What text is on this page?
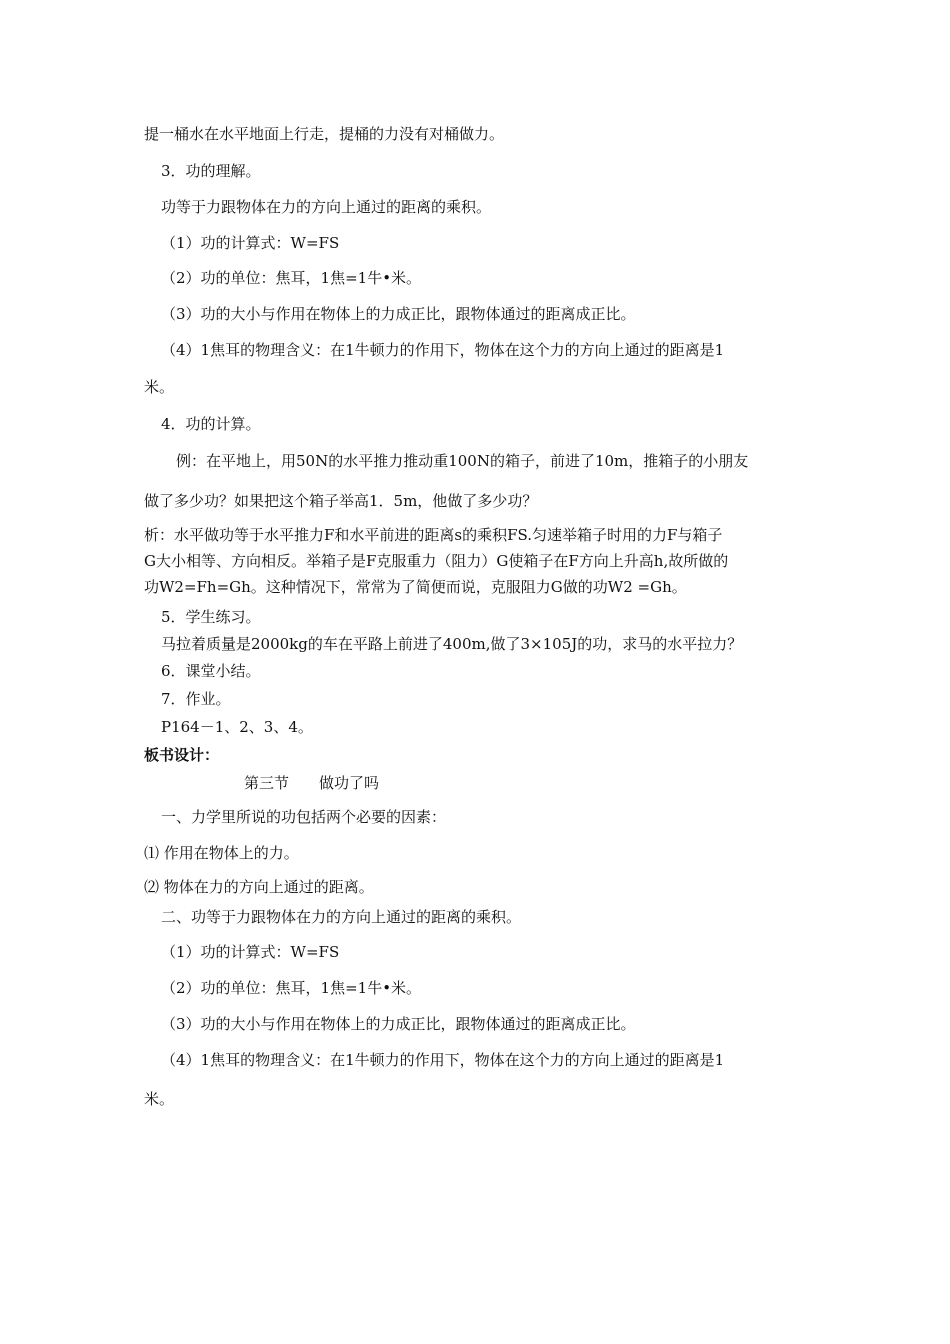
提一桶水在水平地面上行走，提桶的力没有对桶做力。

3．功的理解。

功等于力跟物体在力的方向上通过的距离的乘积。

（1）功的计算式：W=FS

（2）功的单位：焦耳，1焦=1牛•米。

（3）功的大小与作用在物体上的力成正比，跟物体通过的距离成正比。

（4）1焦耳的物理含义：在1牛顿力的作用下，物体在这个力的方向上通过的距离是1

米。

4．功的计算。

例：在平地上，用50N的水平推力推动重100N的箱子，前进了10m，推箱子的小朋友

做了多少功？如果把这个箱子举高1．5m，他做了多少功？

析：水平做功等于水平推力F和水平前进的距离s的乘积FS.匀速举箱子时用的力F与箱子

G大小相等、方向相反。举箱子是F克服重力（阻力）G使箱子在F方向上升高h,故所做的

功W2=Fh=Gh。这种情况下，常常为了简便而说，克服阻力G做的功W2 =Gh。

5．学生练习。

马拉着质量是2000kg的车在平路上前进了400m,做了3×105J的功，求马的水平拉力？

6．课堂小结。

7．作业。

P164－1、2、3、4。

板书设计：

第三节　　做功了吗

一、力学里所说的功包括两个必要的因素：

⑴ 作用在物体上的力。

⑵ 物体在力的方向上通过的距离。

二、功等于力跟物体在力的方向上通过的距离的乘积。

（1）功的计算式：W=FS

（2）功的单位：焦耳，1焦=1牛•米。

（3）功的大小与作用在物体上的力成正比，跟物体通过的距离成正比。

（4）1焦耳的物理含义：在1牛顿力的作用下，物体在这个力的方向上通过的距离是1

米。
